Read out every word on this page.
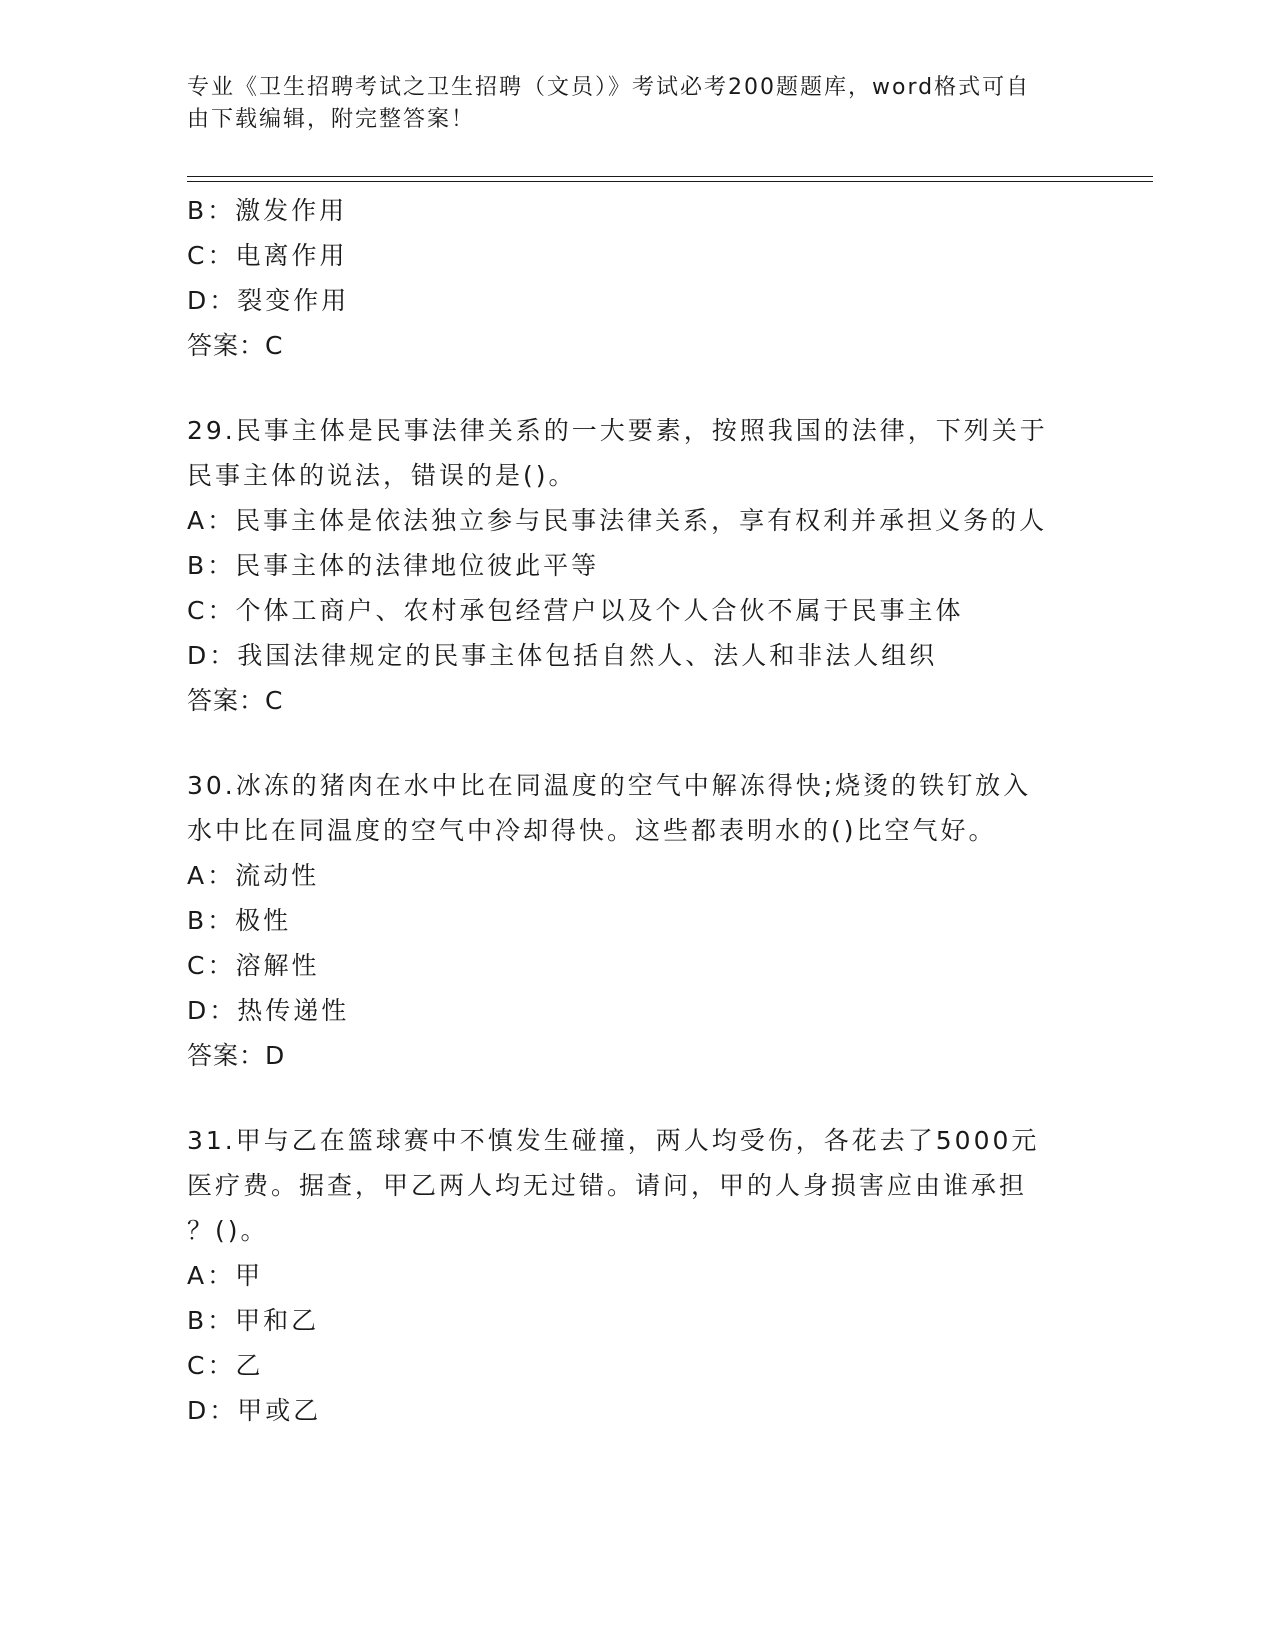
专业《卫生招聘考试之卫生招聘（文员）》考试必考200题题库，word格式可自
由下载编辑，附完整答案！
B：激发作用
C：电离作用
D：裂变作用
答案：C
29.民事主体是民事法律关系的一大要素，按照我国的法律，下列关于
民事主体的说法，错误的是()。
A：民事主体是依法独立参与民事法律关系，享有权利并承担义务的人
B：民事主体的法律地位彼此平等
C：个体工商户、农村承包经营户以及个人合伙不属于民事主体
D：我国法律规定的民事主体包括自然人、法人和非法人组织
答案：C
30.冰冻的猪肉在水中比在同温度的空气中解冻得快;烧烫的铁钉放入
水中比在同温度的空气中冷却得快。这些都表明水的()比空气好。
A：流动性
B：极性
C：溶解性
D：热传递性
答案：D
31.甲与乙在篮球赛中不慎发生碰撞，两人均受伤，各花去了5000元
医疗费。据查，甲乙两人均无过错。请问，甲的人身损害应由谁承担
？()。
A：甲
B：甲和乙
C：乙
D：甲或乙
